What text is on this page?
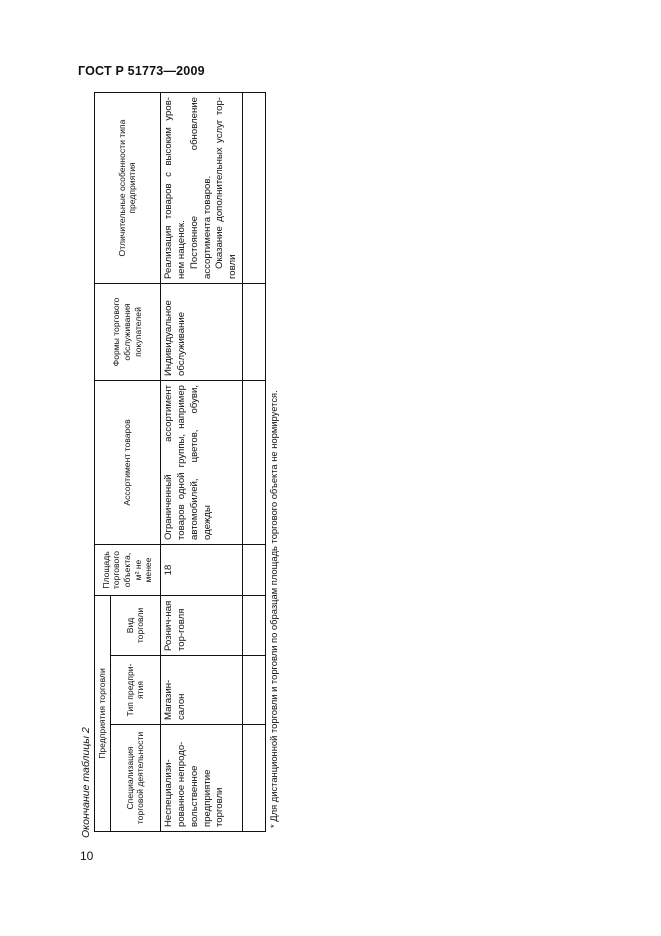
ГОСТ Р 51773—2009
10
Окончание таблицы 2
Предприятия торговли			Площадь торгового объекта, м² не менее	Ассортимент товаров	Формы торгового обслуживания покупателей	Отличительные особенности типа предприятия
Специализация торговой деятельности	Тип предпри-ятия	Вид торговли				
Неспециализи-рованное непродо-вольственное предприятие торговли	Магазин-салон	Рознич-ная тор-говля	18	Ограниченный ассортимент товаров одной группы, например автомобилей, цветов, обуви, одежды	Индивидуальное обслуживание	Реализация товаров с высоким уров-нем наценок. Постоянное обновление ассортимента товаров. Оказание дополнительных услуг тор-говли

* Для дистанционной торговли и торговли по образцам площадь торгового объекта не нормируется.
